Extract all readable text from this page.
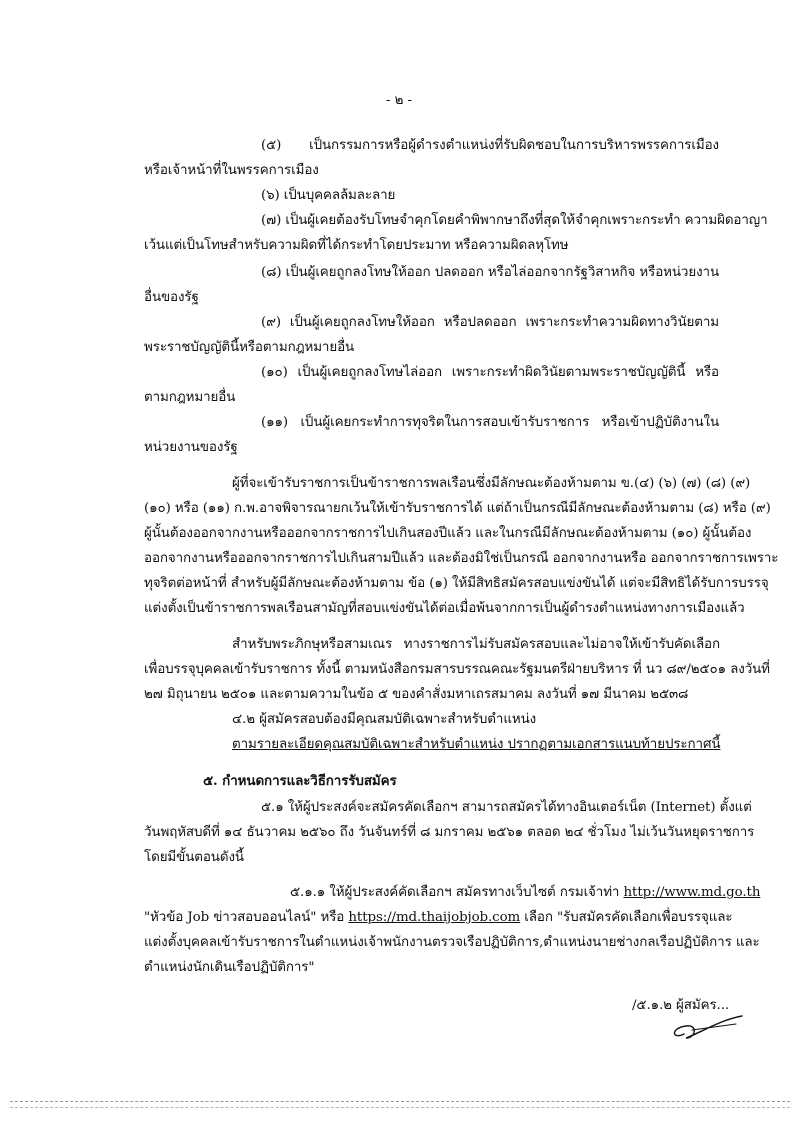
- ๒ -
(๕) เป็นกรรมการหรือผู้ดำรงตำแหน่งที่รับผิดชอบในการบริหารพรรคการเมือง
หรือเจ้าหน้าที่ในพรรคการเมือง
(๖) เป็นบุคคลล้มละลาย
(๗) เป็นผู้เคยต้องรับโทษจำคุกโดยคำพิพากษาถึงที่สุดให้จำคุกเพราะกระทำ ความผิดอาญา
เว้นแต่เป็นโทษสำหรับความผิดที่ได้กระทำโดยประมาท หรือความผิดลหุโทษ
(๘) เป็นผู้เคยถูกลงโทษให้ออก ปลดออก หรือไล่ออกจากรัฐวิสาหกิจ หรือหน่วยงาน
อื่นของรัฐ
(๙) เป็นผู้เคยถูกลงโทษให้ออก หรือปลดออก เพราะกระทำความผิดทางวินัยตาม
พระราชบัญญัตินี้หรือตามกฎหมายอื่น
(๑๐) เป็นผู้เคยถูกลงโทษไล่ออก เพราะกระทำผิดวินัยตามพระราชบัญญัตินี้ หรือ
ตามกฎหมายอื่น
(๑๑) เป็นผู้เคยกระทำการทุจริตในการสอบเข้ารับราชการ หรือเข้าปฏิบัติงานใน
หน่วยงานของรัฐ
ผู้ที่จะเข้ารับราชการเป็นข้าราชการพลเรือนซึ่งมีลักษณะต้องห้ามตาม ข.(๔) (๖) (๗) (๘) (๙)
(๑๐) หรือ (๑๑) ก.พ.อาจพิจารณายกเว้นให้เข้ารับราชการได้ แต่ถ้าเป็นกรณีมีลักษณะต้องห้ามตาม (๘) หรือ (๙)
ผู้นั้นต้องออกจากงานหรือออกจากราชการไปเกินสองปีแล้ว และในกรณีมีลักษณะต้องห้ามตาม (๑๐) ผู้นั้นต้อง
ออกจากงานหรือออกจากราชการไปเกินสามปีแล้ว และต้องมิใช่เป็นกรณี ออกจากงานหรือ ออกจากราชการเพราะ
ทุจริตต่อหน้าที่ สำหรับผู้มีลักษณะต้องห้ามตาม ข้อ (๑) ให้มีสิทธิสมัครสอบแข่งขันได้ แต่จะมีสิทธิได้รับการบรรจุ
แต่งตั้งเป็นข้าราชการพลเรือนสามัญที่สอบแข่งขันได้ต่อเมื่อพ้นจากการเป็นผู้ดำรงตำแหน่งทางการเมืองแล้ว
สำหรับพระภิกษุหรือสามเณร ทางราชการไม่รับสมัครสอบและไม่อาจให้เข้ารับคัดเลือก
เพื่อบรรจุบุคคลเข้ารับราชการ ทั้งนี้ ตามหนังสือกรมสารบรรณคณะรัฐมนตรีฝ่ายบริหาร ที่ นว ๘๙/๒๕๐๑ ลงวันที่
๒๗ มิถุนายน ๒๕๐๑ และตามความในข้อ ๕ ของคำสั่งมหาเถรสมาคม ลงวันที่ ๑๗ มีนาคม ๒๕๓๘
๔.๒ ผู้สมัครสอบต้องมีคุณสมบัติเฉพาะสำหรับตำแหน่ง
ตามรายละเอียดคุณสมบัติเฉพาะสำหรับตำแหน่ง ปรากฏตามเอกสารแนบท้ายประกาศนี้
๕. กำหนดการและวิธีการรับสมัคร
๕.๑ ให้ผู้ประสงค์จะสมัครคัดเลือกฯ สามารถสมัครได้ทางอินเตอร์เน็ต (Internet) ตั้งแต่
วันพฤหัสบดีที่ ๑๔ ธันวาคม ๒๕๖๐ ถึง วันจันทร์ที่ ๘ มกราคม ๒๕๖๑ ตลอด ๒๔ ชั่วโมง ไม่เว้นวันหยุดราชการ
โดยมีขั้นตอนดังนี้
๕.๑.๑ ให้ผู้ประสงค์คัดเลือกฯ สมัครทางเว็บไซต์ กรมเจ้าท่า http://www.md.go.th
"หัวข้อ Job ข่าวสอบออนไลน์" หรือ https://md.thaijobjob.com เลือก "รับสมัครคัดเลือกเพื่อบรรจุและ
แต่งตั้งบุคคลเข้ารับราชการในตำแหน่งเจ้าพนักงานตรวจเรือปฏิบัติการ,ตำแหน่งนายช่างกลเรือปฏิบัติการ และ
ตำแหน่งนักเดินเรือปฏิบัติการ"
/๕.๑.๒ ผู้สมัคร...
